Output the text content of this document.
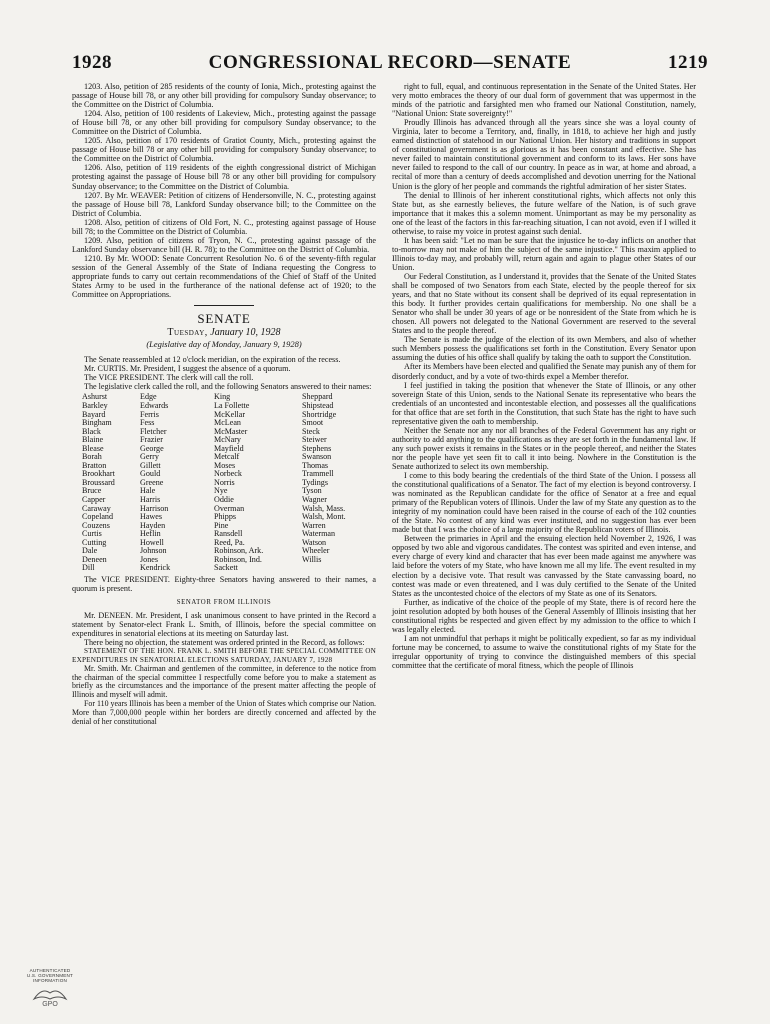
1928	CONGRESSIONAL RECORD—SENATE	1219

1203. Also, petition of 285 residents of the county of Ionia, Mich., protesting against the passage of House bill 78, or any other bill providing for compulsory Sunday observance; to the Committee on the District of Columbia.

1204. Also, petition of 100 residents of Lakeview, Mich., protesting against the passage of House bill 78, or any other bill providing for compulsory Sunday observance; to the Committee on the District of Columbia.

1205. Also, petition of 170 residents of Gratiot County, Mich., protesting against the passage of House bill 78 or any other bill providing for compulsory Sunday observance; to the Committee on the District of Columbia.

1206. Also, petition of 119 residents of the eighth congressional district of Michigan protesting against the passage of House bill 78 or any other bill providing for compulsory Sunday observance; to the Committee on the District of Columbia.

1207. By Mr. WEAVER: Petition of citizens of Hendersonville, N. C., protesting against the passage of House bill 78, Lankford Sunday observance bill; to the Committee on the District of Columbia.

1208. Also, petition of citizens of Old Fort, N. C., protesting against passage of House bill 78; to the Committee on the District of Columbia.

1209. Also, petition of citizens of Tryon, N. C., protesting against passage of the Lankford Sunday observance bill (H. R. 78); to the Committee on the District of Columbia.

1210. By Mr. WOOD: Senate Concurrent Resolution No. 6 of the seventy-fifth regular session of the General Assembly of the State of Indiana requesting the Congress to appropriate funds to carry out certain recommendations of the Chief of Staff of the United States Army to be used in the furtherance of the national defense act of 1920; to the Committee on Appropriations.

SENATE
Tuesday, January 10, 1928
(Legislative day of Monday, January 9, 1928)

The Senate reassembled at 12 o'clock meridian, on the expiration of the recess.

Mr. CURTIS. Mr. President, I suggest the absence of a quorum.

The VICE PRESIDENT. The clerk will call the roll.

The legislative clerk called the roll, and the following Senators answered to their names:

Ashurst	Edge	King	Sheppard
Barkley	Edwards	La Follette	Shipstead
Bayard	Ferris	McKellar	Shortridge
Bingham	Fess	McLean	Smoot
Black	Fletcher	McMaster	Steck
Blaine	Frazier	McNary	Steiwer
Blease	George	Mayfield	Stephens
Borah	Gerry	Metcalf	Swanson
Bratton	Gillett	Moses	Thomas
Brookhart	Gould	Norbeck	Trammell
Broussard	Greene	Norris	Tydings
Bruce	Hale	Nye	Tyson
Capper	Harris	Oddie	Wagner
Caraway	Harrison	Overman	Walsh, Mass.
Copeland	Hawes	Phipps	Walsh, Mont.
Couzens	Hayden	Pine	Warren
Curtis	Heflin	Ransdell	Waterman
Cutting	Howell	Reed, Pa.	Watson
Dale	Johnson	Robinson, Ark.	Wheeler
Deneen	Jones	Robinson, Ind.	Willis
Dill	Kendrick	Sackett

The VICE PRESIDENT. Eighty-three Senators having answered to their names, a quorum is present.

SENATOR FROM ILLINOIS

Mr. DENEEN. Mr. President, I ask unanimous consent to have printed in the Record a statement by Senator-elect Frank L. Smith, of Illinois, before the special committee on expenditures in senatorial elections at its meeting on Saturday last.

There being no objection, the statement was ordered printed in the Record, as follows:

STATEMENT OF THE HON. FRANK L. SMITH BEFORE THE SPECIAL COMMITTEE ON EXPENDITURES IN SENATORIAL ELECTIONS SATURDAY, JANUARY 7, 1928

Mr. Smith. Mr. Chairman and gentlemen of the committee, in deference to the notice from the chairman of the special committee I respectfully come before you to make a statement as briefly as the circumstances and the importance of the present matter affecting the people of Illinois and myself will admit.

For 110 years Illinois has been a member of the Union of States which comprise our Nation. More than 7,000,000 people within her borders are directly concerned and affected by the denial of her constitutional

right to full, equal, and continuous representation in the Senate of the United States. Her very motto embraces the theory of our dual form of government that was uppermost in the minds of the patriotic and farsighted men who framed our National Constitution, namely, "National Union: State sovereignty!"

Proudly Illinois has advanced through all the years since she was a loyal county of Virginia, later to become a Territory, and, finally, in 1818, to achieve her high and justly earned distinction of statehood in our National Union. Her history and traditions in support of constitutional government is as glorious as it has been constant and effective. She has never failed to maintain constitutional government and conform to its laws. Her sons have never failed to respond to the call of our country. In peace as in war, at home and abroad, a recital of more than a century of deeds accomplished and devotion unerring for the National Union is the glory of her people and commands the rightful admiration of her sister States.

The denial to Illinois of her inherent constitutional rights, which affects not only this State but, as she earnestly believes, the future welfare of the Nation, is of such grave importance that it makes this a solemn moment. Unimportant as may be my personality as one of the least of the factors in this far-reaching situation, I can not avoid, even if I willed it otherwise, to raise my voice in protest against such denial.

It has been said: "Let no man be sure that the injustice he to-day inflicts on another that to-morrow may not make of him the subject of the same injustice." This maxim applied to Illinois to-day may, and probably will, return again and again to plague other States of our Union.

Our Federal Constitution, as I understand it, provides that the Senate of the United States shall be composed of two Senators from each State, elected by the people thereof for six years, and that no State without its consent shall be deprived of its equal representation in this body. It further provides certain qualifications for membership. No one shall be a Senator who shall be under 30 years of age or be nonresident of the State from which he is chosen. All powers not delegated to the National Government are reserved to the several States and to the people thereof.

The Senate is made the judge of the election of its own Members, and also of whether such Members possess the qualifications set forth in the Constitution. Every Senator upon assuming the duties of his office shall qualify by taking the oath to support the Constitution.

After its Members have been elected and qualified the Senate may punish any of them for disorderly conduct, and by a vote of two-thirds expel a Member therefor.

I feel justified in taking the position that whenever the State of Illinois, or any other sovereign State of this Union, sends to the National Senate its representative who bears the credentials of an uncontested and incontestable election, and possesses all the qualifications for that office that are set forth in the Constitution, that such State has the right to have such representative given the oath to membership.

Neither the Senate nor any nor all branches of the Federal Government has any right or authority to add anything to the qualifications as they are set forth in the fundamental law. If any such power exists it remains in the States or in the people thereof, and neither the States nor the people have yet seen fit to call it into being. Nowhere in the Constitution is the Senate authorized to select its own membership.

I come to this body bearing the credentials of the third State of the Union. I possess all the constitutional qualifications of a Senator. The fact of my election is beyond controversy. I was nominated as the Republican candidate for the office of Senator at a free and equal primary of the Republican voters of Illinois. Under the law of my State any question as to the integrity of my nomination could have been raised in the course of each of the 102 counties of the State. No contest of any kind was ever instituted, and no suggestion has ever been made but that I was the choice of a large majority of the Republican voters of Illinois.

Between the primaries in April and the ensuing election held November 2, 1926, I was opposed by two able and vigorous candidates. The contest was spirited and even intense, and every charge of every kind and character that has ever been made against me anywhere was laid before the voters of my State, who have known me all my life. The event resulted in my election by a decisive vote. That result was canvassed by the State canvassing board, no contest was made or even threatened, and I was duly certified to the Senate of the United States as the uncontested choice of the electors of my State as one of its Senators.

Further, as indicative of the choice of the people of my State, there is of record here the joint resolution adopted by both houses of the General Assembly of Illinois insisting that her constitutional rights be respected and given effect by my admission to the office to which I was legally elected.

I am not unmindful that perhaps it might be politically expedient, so far as my individual fortune may be concerned, to assume to waive the constitutional rights of my State for the irregular opportunity of trying to convince the distinguished members of this special committee that the certificate of moral fitness, which the people of Illinois

AUTHENTICATED
U.S. GOVERNMENT
INFORMATION
GPO
